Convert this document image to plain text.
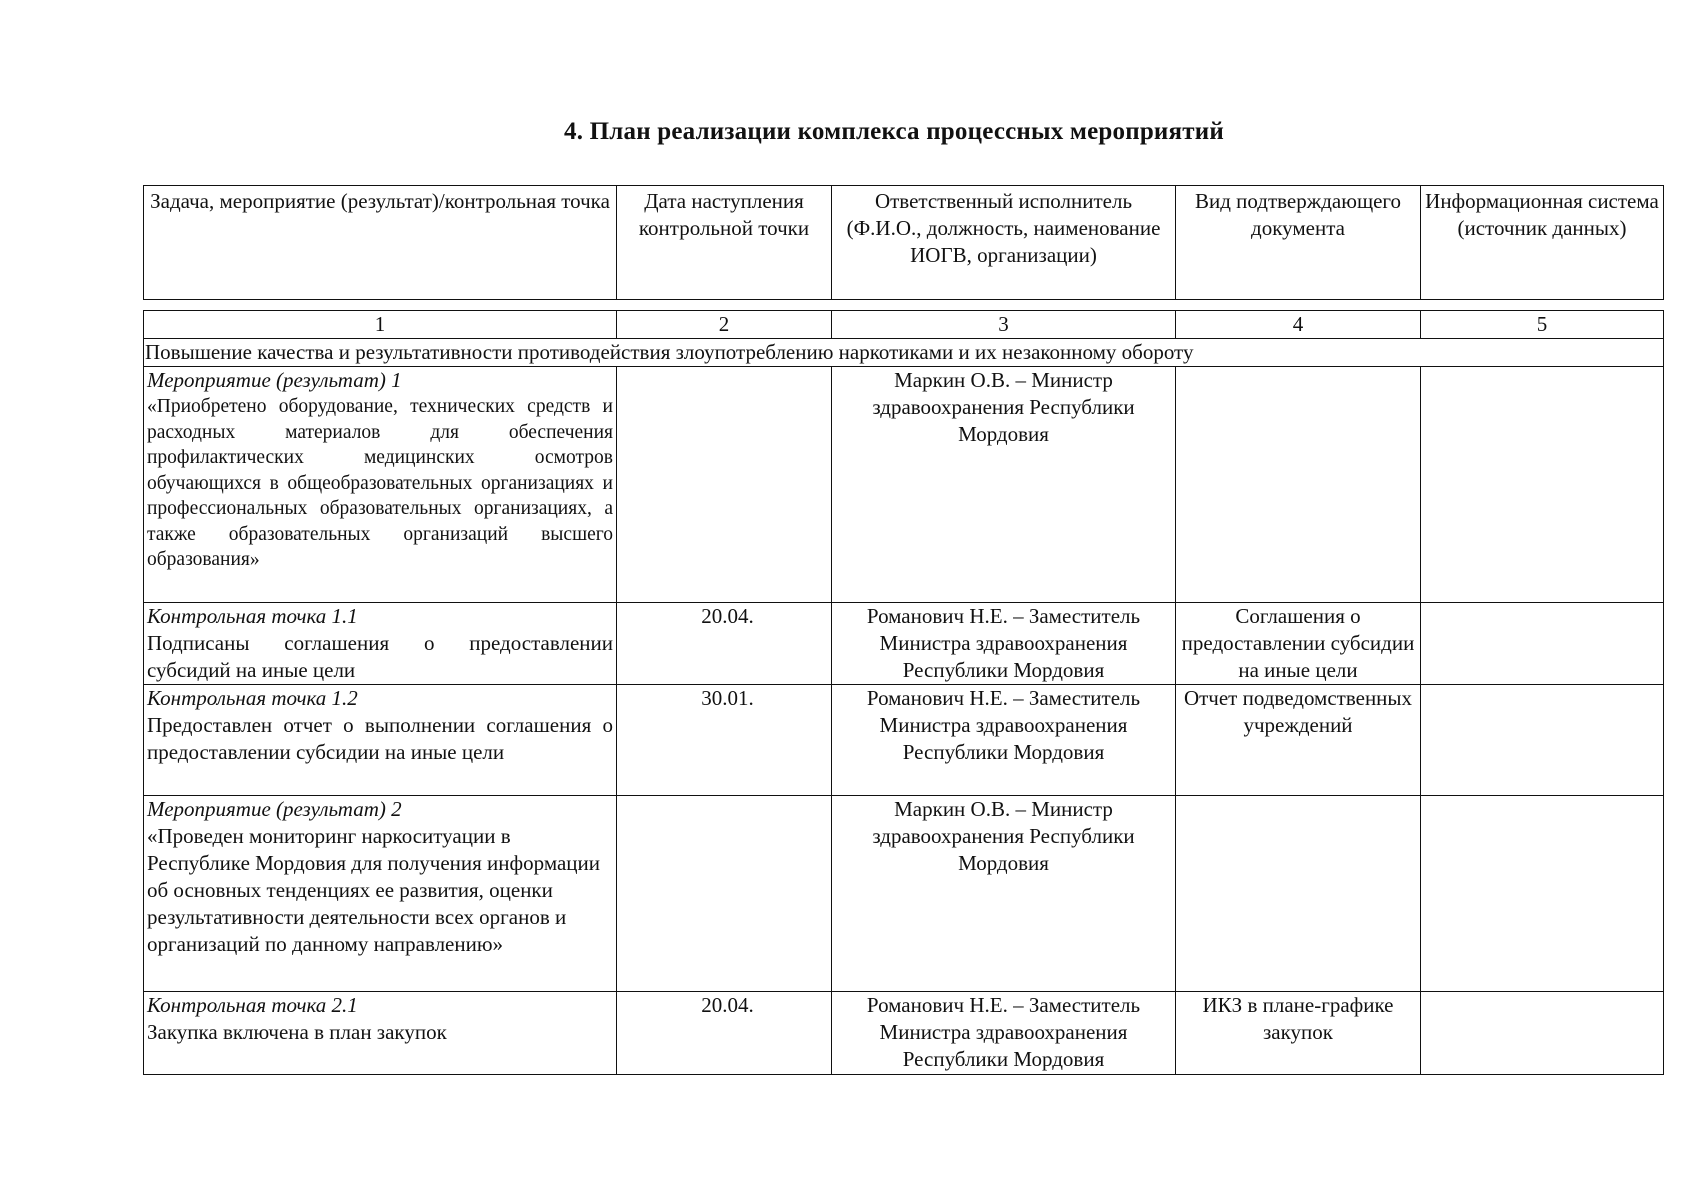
4. План реализации комплекса процессных мероприятий
Задача, мероприятие (результат)/контрольная точка	Дата наступления контрольной точки	Ответственный исполнитель (Ф.И.О., должность, наименование ИОГВ, организации)	Вид подтверждающего документа	Информационная система (источник данных)
1	2	3	4	5
Повышение качества и результативности противодействия злоупотреблению наркотиками и их незаконному обороту				

Мероприятие (результат) 1
«Приобретено оборудование, технических средств и расходных материалов для обеспечения профилактических медицинских осмотров обучающихся в общеобразовательных организациях и профессиональных образовательных организациях, а также образовательных организаций высшего образования»		Маркин О.В. – Министр здравоохранения Республики Мордовия		

Контрольная точка 1.1
Подписаны соглашения о предоставлении субсидий на иные цели	20.04.	Романович Н.Е. – Заместитель Министра здравоохранения Республики Мордовия	Соглашения о предоставлении субсидии на иные цели	

Контрольная точка 1.2
Предоставлен отчет о выполнении соглашения о предоставлении субсидии на иные цели	30.01.	Романович Н.Е. – Заместитель Министра здравоохранения Республики Мордовия	Отчет подведомственных учреждений	

Мероприятие (результат) 2
«Проведен мониторинг наркоситуации в Республике Мордовия для получения информации об основных тенденциях ее развития, оценки результативности деятельности всех органов и организаций по данному направлению»		Маркин О.В. – Министр здравоохранения Республики Мордовия		

Контрольная точка 2.1
Закупка включена в план закупок	20.04.	Романович Н.Е. – Заместитель Министра здравоохранения Республики Мордовия	ИКЗ в плане-графике закупок	
